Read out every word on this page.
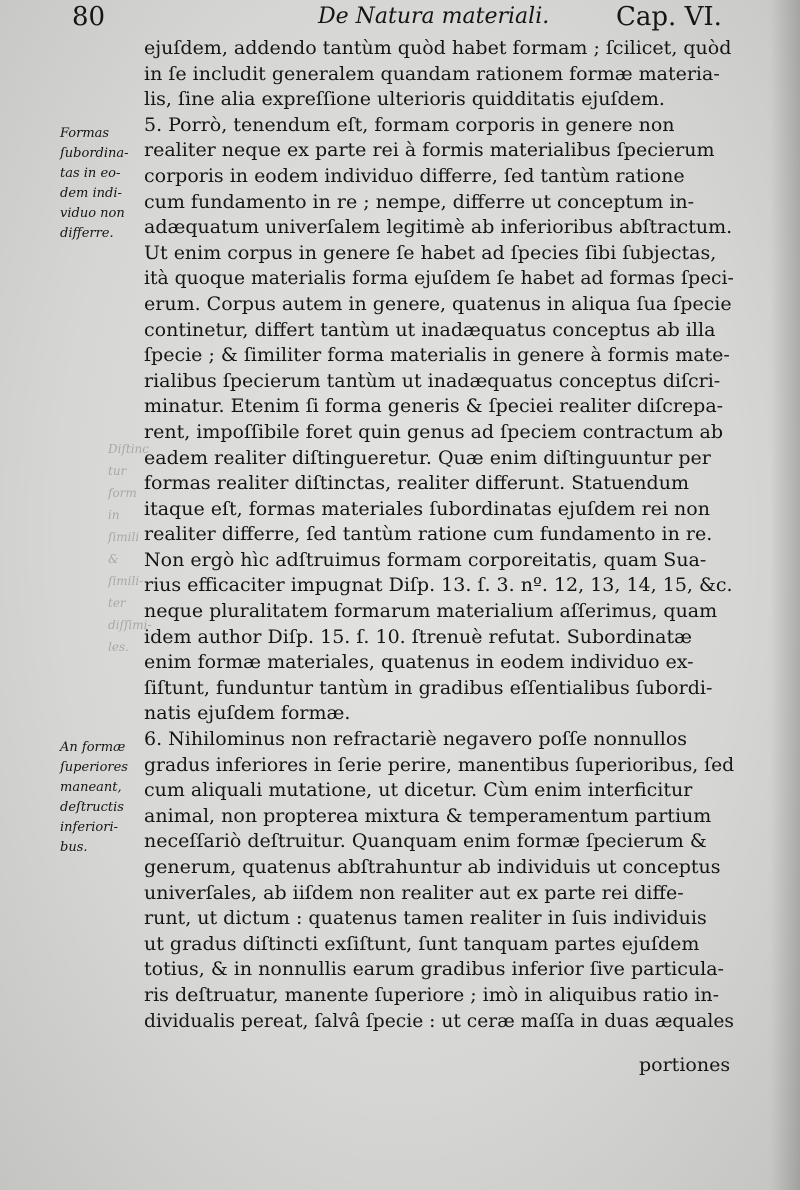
80	De Natura materiali.	Cap. VI.
Formas
ſubordina-
tas in eo-
dem indi-
viduo non
differre.
An formæ
ſuperiores
maneant,
deſtructis
inferiori-
bus.
Diſtinc
tur form
in ſimili
& ſimili-
ter diſſimi-
les.
ejuſdem, addendo tantùm quòd habet formam ; ſcilicet, quòd
in ſe includit generalem quandam rationem formæ materia-
lis, ſine alia expreſſione ulterioris quidditatis ejuſdem.
5. Porrò, tenendum eſt, formam corporis in genere non
realiter neque ex parte rei à formis materialibus ſpecierum
corporis in eodem individuo differre, ſed tantùm ratione
cum fundamento in re ; nempe, differre ut conceptum in-
adæquatum univerſalem legitimè ab inferioribus abſtractum.
Ut enim corpus in genere ſe habet ad ſpecies ſibi ſubjectas,
ità quoque materialis forma ejuſdem ſe habet ad formas ſpeci-
erum. Corpus autem in genere, quatenus in aliqua ſua ſpecie
continetur, differt tantùm ut inadæquatus conceptus ab illa
ſpecie ; & ſimiliter forma materialis in genere à formis mate-
rialibus ſpecierum tantùm ut inadæquatus conceptus diſcri-
minatur. Etenim ſi forma generis & ſpeciei realiter diſcrepa-
rent, impoſſibile foret quin genus ad ſpeciem contractum ab
eadem realiter diſtingueretur. Quæ enim diſtinguuntur per
formas realiter diſtinctas, realiter differunt. Statuendum
itaque eſt, formas materiales ſubordinatas ejuſdem rei non
realiter differre, ſed tantùm ratione cum fundamento in re.
Non ergò hìc adſtruimus formam corporeitatis, quam Sua-
rius efficaciter impugnat Diſp. 13. ſ. 3. nº. 12, 13, 14, 15, &c.
neque pluralitatem formarum materialium aſſerimus, quam
idem author Diſp. 15. ſ. 10. ſtrenuè refutat. Subordinatæ
enim formæ materiales, quatenus in eodem individuo ex-
ſiſtunt, funduntur tantùm in gradibus eſſentialibus ſubordi-
natis ejuſdem formæ.
6. Nihilominus non refractariè negavero poſſe nonnullos
gradus inferiores in ſerie perire, manentibus ſuperioribus, ſed
cum aliquali mutatione, ut dicetur. Cùm enim interficitur
animal, non propterea mixtura & temperamentum partium
neceſſariò deſtruitur. Quanquam enim formæ ſpecierum &
generum, quatenus abſtrahuntur ab individuis ut conceptus
univerſales, ab iiſdem non realiter aut ex parte rei diffe-
runt, ut dictum : quatenus tamen realiter in ſuis individuis
ut gradus diſtincti exſiſtunt, ſunt tanquam partes ejuſdem
totius, & in nonnullis earum gradibus inferior ſive particula-
ris deſtruatur, manente ſuperiore ; imò in aliquibus ratio in-
dividualis pereat, ſalvâ ſpecie : ut ceræ maſſa in duas æquales
portiones
